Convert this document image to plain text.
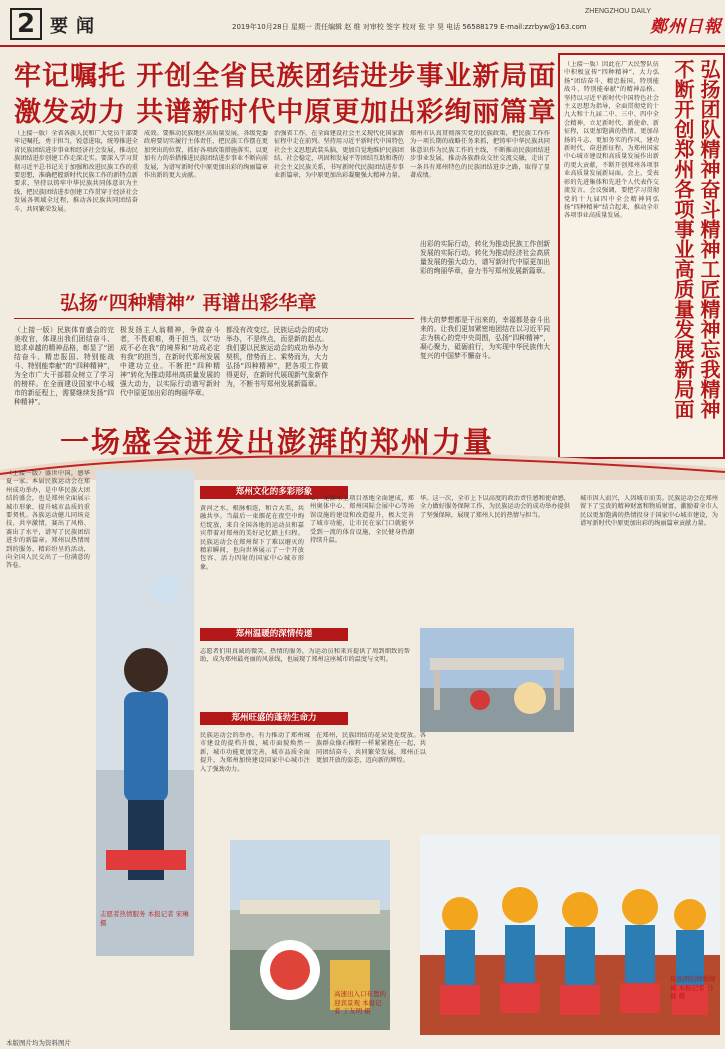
2 要闻	2019年10月28日 星期一 责任编辑 赵 维 对审校 签字 校对 张 宇 昊 电话 56588179 E-mail:zzrbyw@163.com
ZHENGZHOU DAILY
鄭州日報
牢记嘱托 开创全省民族团结进步事业新局面
激发动力 共谱新时代中原更加出彩绚丽篇章
（上接一版）全省各族人民和广大党员干部要牢记嘱托，勇于担当，锐意进取，统筹推进全省民族团结进步事业和经济社会发展，推动民族团结进步创建工作走深走实。要深入学习贯彻习近平总书记关于加强和改进民族工作的重要思想，准确把握新时代民族工作的新特点新要求，坚持以铸牢中华民族共同体意识为主线，把民族团结进步创建工作贯穿于经济社会发展各领域全过程，推动各民族共同团结奋斗、共同繁荣发展。
成效。要推动民族地区高质量发展，各级党委政府要切实履行主体责任，把民族工作摆在更加突出的位置，抓好各项政策措施落实，以更加有力的举措推进民族团结进步事业不断向前发展，为谱写新时代中原更加出彩的绚丽篇章作出新的更大贡献。
治强省工作，在全面建设社会主义现代化国家新征程中走在前列。坚持用习近平新时代中国特色社会主义思想武装头脑，更加自觉地维护民族团结、社会稳定，巩固和发展平等团结互助和谐的社会主义民族关系，书写新时代民族团结进步事业新篇章，为中原更加出彩凝聚强大精神力量。
郑州市认真贯彻落实党的民族政策，把民族工作作为一项长期的战略任务来抓，把铸牢中华民族共同体意识作为民族工作的主线，不断推动民族团结进步事业发展，推动各族群众交往交流交融，走出了一条具有郑州特色的民族团结进步之路，取得了显著成绩。
（上接一版）因此在广大民警队伍中积极宣传“四种精神”，大力弘扬“团结奋斗、精忠报国、特别能战斗、特别能奉献”的精神品格。坚持以习近平新时代中国特色社会主义思想为指导，全面贯彻党的十九大和十九届二中、三中、四中全会精神，立足新时代、新使命、新征程，以更加饱满的热情、更加昂扬的斗志、更加务实的作风，建功新时代、奋进新征程，为郑州国家中心城市建设和高质量发展作出新的更大贡献，不断开创郑州各项事业高质量发展新局面。会上，受表彰的先进集体和先进个人代表作交流发言。会议强调，要把学习贯彻党的十九届四中全会精神同弘扬“四种精神”结合起来，推动全市各项事业高质量发展。	弘扬团队精神奋斗精神工匠精神忘我精神
不断开创郑州各项事业高质量发展新局面
弘扬“四种精神” 再谱出彩华章
（上接一版）民族体育盛会的完美收官，体现出我们团结奋斗、追求卓越的精神品格，彰显了“团结奋斗、精忠报国、特别能战斗、特别能奉献”的“四种精神”，为全市广大干部群众树立了学习的榜样。在全面建设国家中心城市的新征程上，需要继续发扬“四种精神”。
极发扬主人翁精神，争做奋斗者，不畏艰难，勇于担当，以“功成不必在我”的境界和“功成必定有我”的担当，在新时代郑州发展中建功立业。不断把“四种精神”转化为推动郑州高质量发展的强大动力，以实际行动谱写新时代中原更加出彩的绚丽华章。
都没有改变过。民族运动会的成功举办，不是终点，而是新的起点。我们要以民族运动会的成功举办为契机，借势而上、乘势而为，大力弘扬“四种精神”，把各项工作做得更好，在新时代展现新气象新作为，不断书写郑州发展新篇章。
出彩的实际行动，转化为推动民族工作创新发展的实际行动。转化为推动经济社会高质量发展的强大动力，谱写新时代中原更加出彩的绚丽华章，奋力书写郑州发展新篇章。
伟大的梦想都是干出来的，幸福都是奋斗出来的。让我们更加紧密地团结在以习近平同志为核心的党中央周围，弘扬“四种精神”，凝心聚力，砥砺前行，为实现中华民族伟大复兴的中国梦不懈奋斗。
一场盛会迸发出澎湃的郑州力量
（上接一版）盛世中国，感华夏一家。本届民族运动会在郑州成功举办，是中华民族大团结的盛会，也是郑州全面展示城市形象、提升城市品质的重要契机。各族运动健儿同场竞技、共享激情，赛出了风格、赛出了水平，谱写了民族团结进步的新篇章。郑州以热情周到的服务、精彩纷呈的活动，向全国人民交出了一份满意的答卷。
郑州文化的多彩形象
黄河之水，根脉相连，和合大美，共融共享。当最后一束烟花在夜空中绚烂绽放，来自全国各地的运动员和嘉宾带着对郑州的美好记忆踏上归程。民族运动会在郑州留下了难以磨灭的精彩瞬间，也向世界展示了一个开放包容、活力四射的国家中心城市形象。
心，龙湖水上项目基地全面建成，郑州奥体中心、郑州国际会展中心等场馆设施的建设和改造提升，极大完善了城市功能，让市民在家门口就能享受到一流的体育设施，全民健身热潮持续升温。
华。这一次，全市上下以高度的政治责任感和使命感，全力做好服务保障工作，为民族运动会的成功举办提供了坚强保障，展现了郑州人民的热情与担当。
郑州温暖的深情传递
志愿者们用真诚的微笑、热情的服务，为运动员和来宾提供了周到细致的帮助，成为郑州最亮丽的风景线，也展现了郑州这座城市的温度与文明。
郑州旺盛的蓬勃生命力
民族运动会的举办，有力推动了郑州城市建设的提档升级，城市面貌焕然一新，城市功能更加完善，城市品质全面提升，为郑州加快建设国家中心城市注入了强劲动力。
在郑州，民族团结的花朵处处绽放。各族群众像石榴籽一样紧紧抱在一起，共同团结奋斗、共同繁荣发展，郑州正以更加开放的姿态，迈向新的辉煌。
城市因人而兴，人因城市而美。民族运动会在郑州留下了宝贵的精神财富和物质财富，激励着全市人民以更加饱满的热情投身于国家中心城市建设，为谱写新时代中原更加出彩的绚丽篇章贡献力量。
志愿者热情服务 本报记者 宋琳 摄
高速出入口布置的迎宾景观 本报记者 丁友明 摄
民族团结情暖绿城 本报记者 马健 摄
本版图片均为资料图片
